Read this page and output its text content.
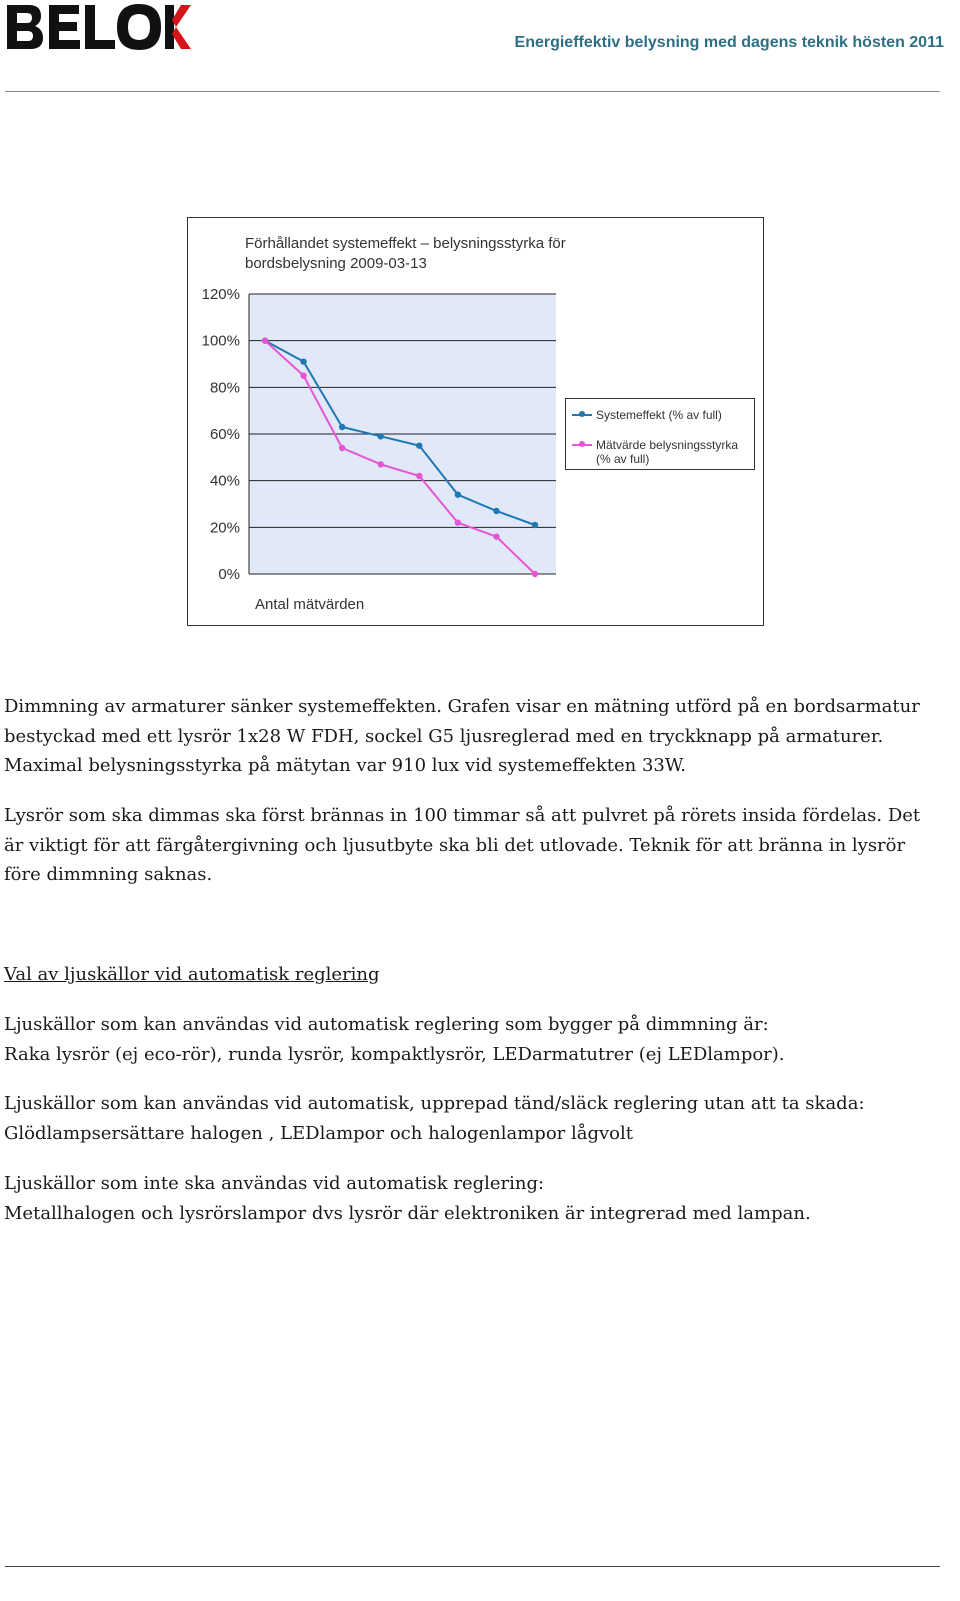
Energieffektiv belysning med dagens teknik hösten 2011
Förhållandet systemeffekt – belysningsstyrka för bordsbelysning 2009-03-13
120%
100%
80%
60%
40%
20%
0%
Antal mätvärden
Systemeffekt (% av full)
Mätvärde belysningsstyrka (% av full)

Dimmning av armaturer sänker systemeffekten. Grafen visar en mätning utförd på en bordsarmatur bestyckad med ett lysrör 1x28 W FDH, sockel G5 ljusreglerad med en tryckknapp på armaturer. Maximal belysningsstyrka på mätytan var 910 lux vid systemeffekten 33W.

Lysrör som ska dimmas ska först brännas in 100 timmar så att pulvret på rörets insida fördelas. Det är viktigt för att färgåtergivning och ljusutbyte ska bli det utlovade. Teknik för att bränna in lysrör före dimmning saknas.

Val av ljuskällor vid automatisk reglering

Ljuskällor som kan användas vid automatisk reglering som bygger på dimmning är:

Raka lysrör (ej eco-rör), runda lysrör, kompaktlysrör, LEDarmatutrer (ej LEDlampor).

Ljuskällor som kan användas vid automatisk, upprepad tänd/släck reglering utan att ta skada:

Glödlampsersättare halogen , LEDlampor och halogenlampor lågvolt

Ljuskällor som inte ska användas vid automatisk reglering:

Metallhalogen och lysrörslampor dvs lysrör där elektroniken är integrerad med lampan.
